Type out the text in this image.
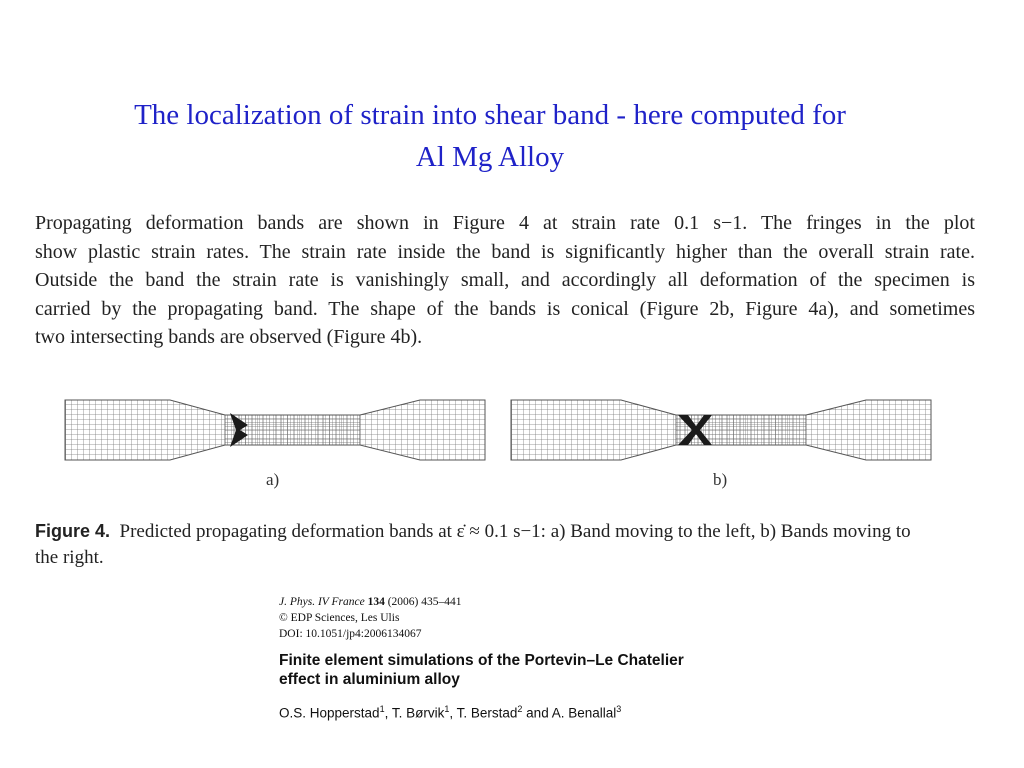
The localization of strain into shear band - here computed for
Al Mg Alloy
Propagating deformation bands are shown in Figure 4 at strain rate 0.1 s−1. The fringes in the plot
show plastic strain rates. The strain rate inside the band is significantly higher than the overall strain rate.
Outside the band the strain rate is vanishingly small, and accordingly all deformation of the specimen is
carried by the propagating band. The shape of the bands is conical (Figure 2b, Figure 4a), and sometimes
two intersecting bands are observed (Figure 4b).
a)	b)
Figure 4. Predicted propagating deformation bands at ε̇ ≈ 0.1 s−1: a) Band moving to the left, b) Bands moving to
the right.
J. Phys. IV France 134 (2006) 435–441
© EDP Sciences, Les Ulis
DOI: 10.1051/jp4:2006134067
Finite element simulations of the Portevin–Le Chatelier
effect in aluminium alloy
O.S. Hopperstad$^1$, T. Børvik$^1$, T. Berstad$^2$ and A. Benallal$^3$
